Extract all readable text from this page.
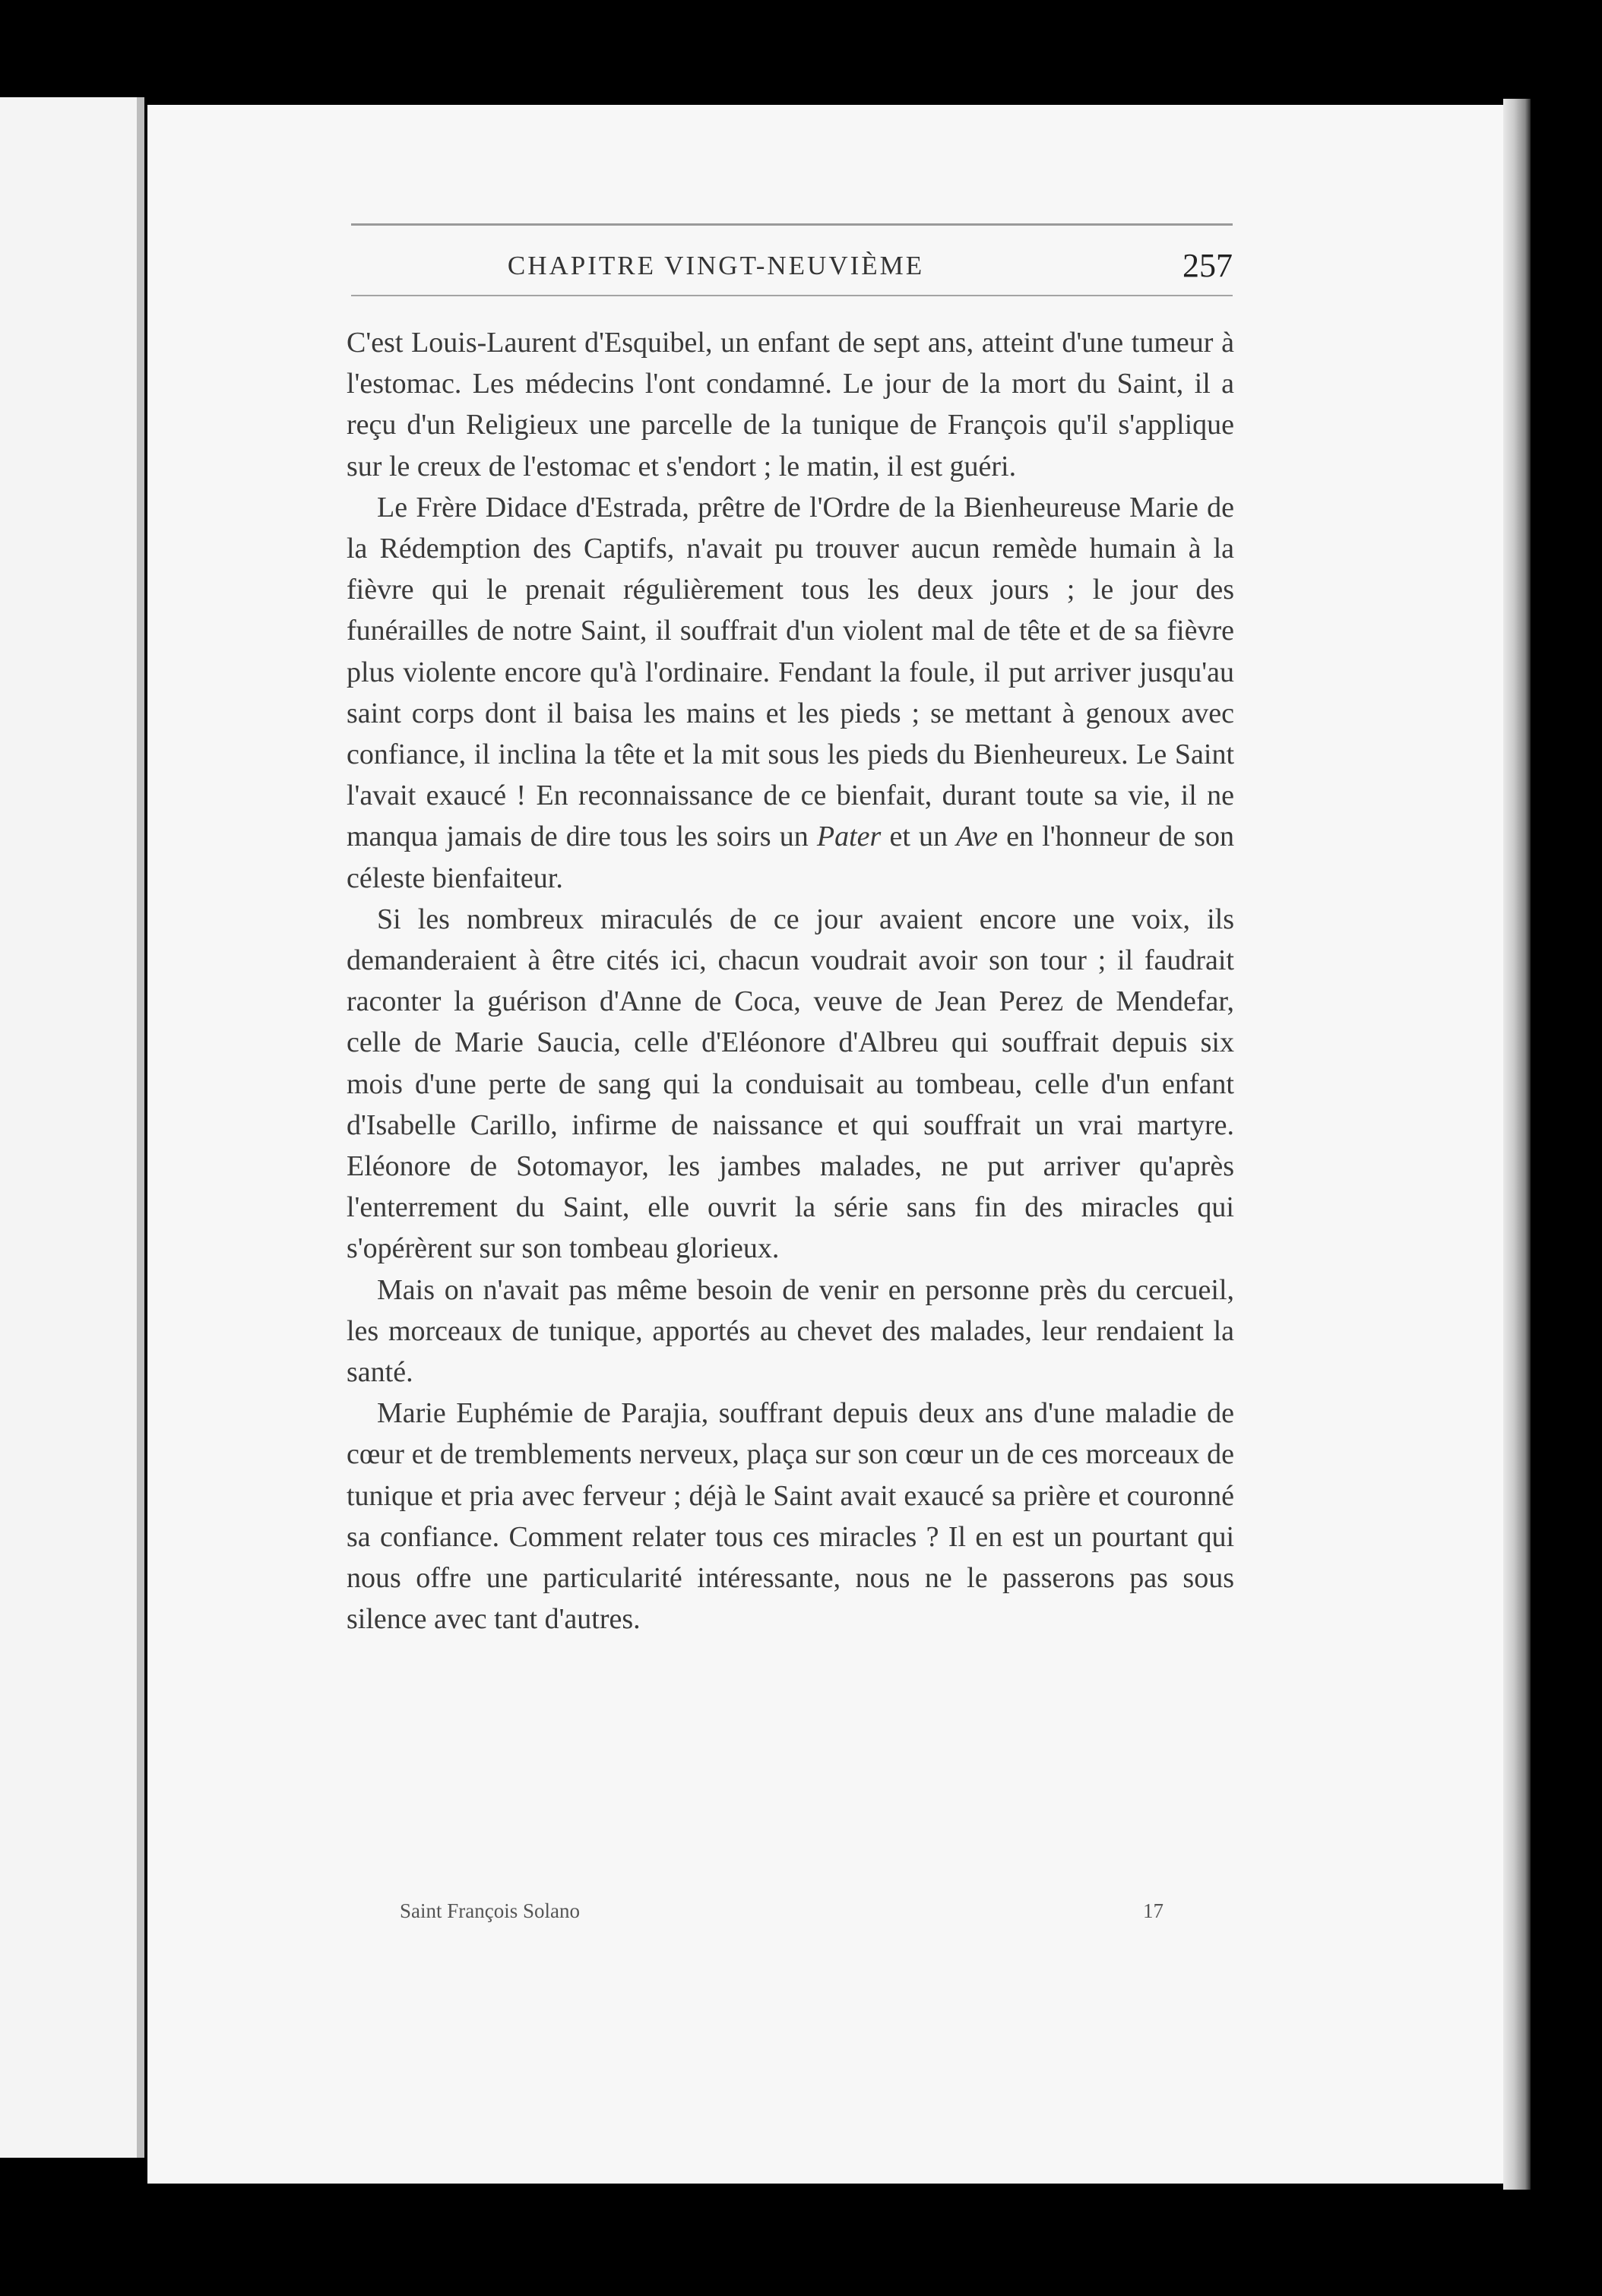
CHAPITRE VINGT-NEUVIÈME	257

C'est Louis-Laurent d'Esquibel, un enfant de sept ans, atteint d'une tumeur à l'estomac. Les médecins l'ont condamné. Le jour de la mort du Saint, il a reçu d'un Religieux une parcelle de la tunique de François qu'il s'applique sur le creux de l'estomac et s'endort ; le matin, il est guéri.

Le Frère Didace d'Estrada, prêtre de l'Ordre de la Bienheureuse Marie de la Rédemption des Captifs, n'avait pu trouver aucun remède humain à la fièvre qui le prenait régulièrement tous les deux jours ; le jour des funérailles de notre Saint, il souffrait d'un violent mal de tête et de sa fièvre plus violente encore qu'à l'ordinaire. Fendant la foule, il put arriver jusqu'au saint corps dont il baisa les mains et les pieds ; se mettant à genoux avec confiance, il inclina la tête et la mit sous les pieds du Bienheureux. Le Saint l'avait exaucé ! En reconnaissance de ce bienfait, durant toute sa vie, il ne manqua jamais de dire tous les soirs un Pater et un Ave en l'honneur de son céleste bienfaiteur.

Si les nombreux miraculés de ce jour avaient encore une voix, ils demanderaient à être cités ici, chacun voudrait avoir son tour ; il faudrait raconter la guérison d'Anne de Coca, veuve de Jean Perez de Mendefar, celle de Marie Saucia, celle d'Eléonore d'Albreu qui souffrait depuis six mois d'une perte de sang qui la conduisait au tombeau, celle d'un enfant d'Isabelle Carillo, infirme de naissance et qui souffrait un vrai martyre. Eléonore de Sotomayor, les jambes malades, ne put arriver qu'après l'enterrement du Saint, elle ouvrit la série sans fin des miracles qui s'opérèrent sur son tombeau glorieux.

Mais on n'avait pas même besoin de venir en personne près du cercueil, les morceaux de tunique, apportés au chevet des malades, leur rendaient la santé.

Marie Euphémie de Parajia, souffrant depuis deux ans d'une maladie de cœur et de tremblements nerveux, plaça sur son cœur un de ces morceaux de tunique et pria avec ferveur ; déjà le Saint avait exaucé sa prière et couronné sa confiance. Comment relater tous ces miracles ? Il en est un pourtant qui nous offre une particularité intéressante, nous ne le passerons pas sous silence avec tant d'autres.

Saint François Solano	17
